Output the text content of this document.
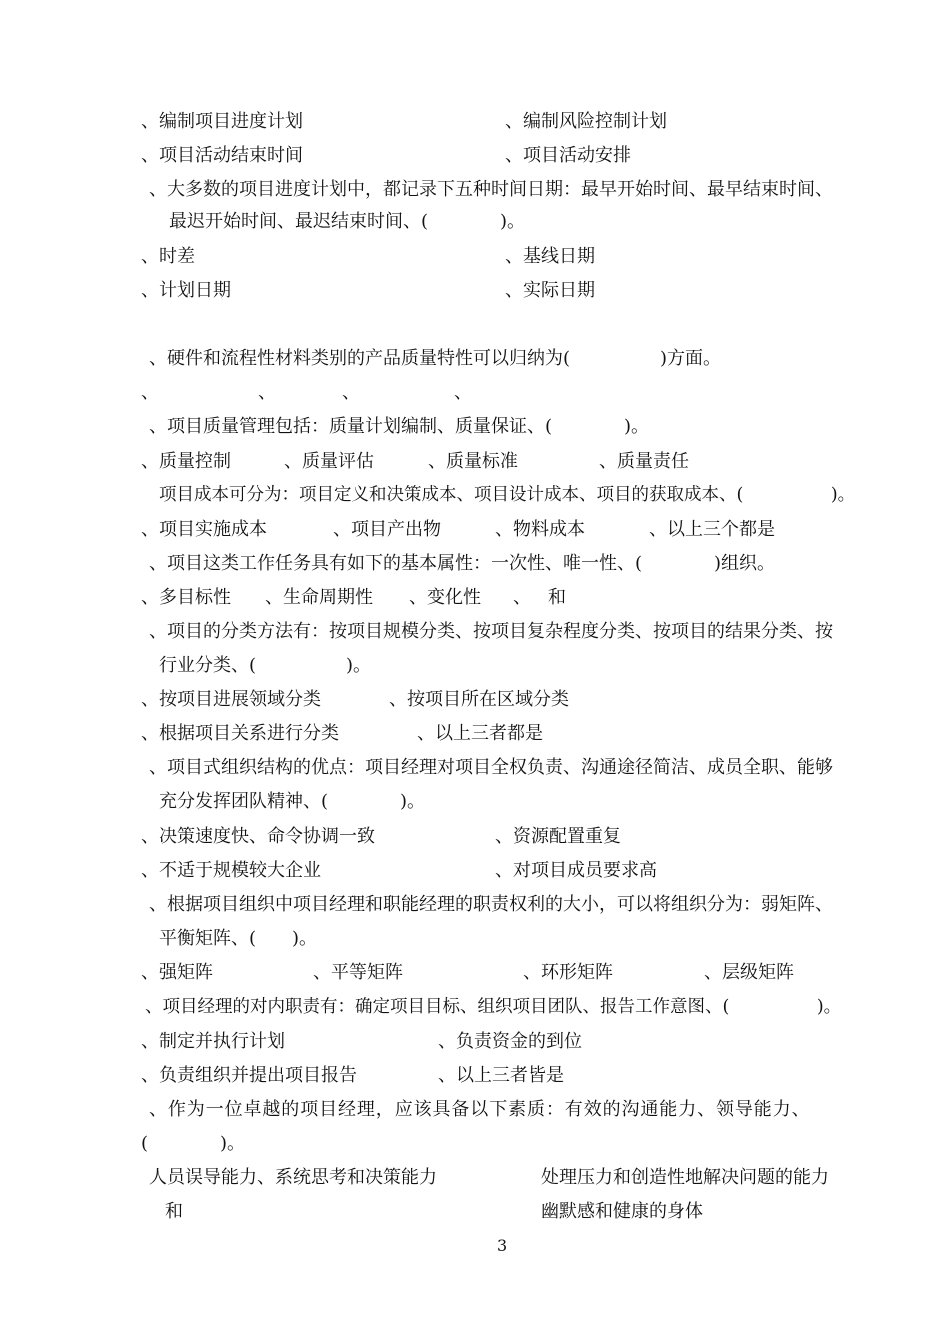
、编制项目进度计划	、编制风险控制计划
、项目活动结束时间	、项目活动安排
、大多数的项目进度计划中，都记录下五种时间日期：最早开始时间、最早结束时间、
最迟开始时间、最迟结束时间、(　　　　)。
、时差	、基线日期
、计划日期	、实际日期
、硬件和流程性材料类别的产品质量特性可以归纳为(　　　　　)方面。
、	、	、	、
、项目质量管理包括：质量计划编制、质量保证、(　　　　)。
、质量控制	、质量评估	、质量标准	、质量责任
项目成本可分为：项目定义和决策成本、项目设计成本、项目的获取成本、(　　　　　)。
、项目实施成本	、项目产出物	、物料成本	、以上三个都是
、项目这类工作任务具有如下的基本属性：一次性、唯一性、(　　　　)组织。
、多目标性 、生命周期性 、变化性 、 和
、项目的分类方法有：按项目规模分类、按项目复杂程度分类、按项目的结果分类、按
行业分类、(　　　　　)。
、按项目进展领域分类	、按项目所在区域分类
、根据项目关系进行分类	、以上三者都是
、项目式组织结构的优点：项目经理对项目全权负责、沟通途径简洁、成员全职、能够
充分发挥团队精神、(　　　　)。
、决策速度快、命令协调一致	、资源配置重复
、不适于规模较大企业	、对项目成员要求高
、根据项目组织中项目经理和职能经理的职责权利的大小，可以将组织分为：弱矩阵、
平衡矩阵、(　　)。
、强矩阵	、平等矩阵	、环形矩阵	、层级矩阵
、项目经理的对内职责有：确定项目目标、组织项目团队、报告工作意图、(　　　　　)。
、制定并执行计划	、负责资金的到位
、负责组织并提出项目报告	、以上三者皆是
、作为一位卓越的项目经理，应该具备以下素质：有效的沟通能力、领导能力、
(　　　　)。
人员误导能力、系统思考和决策能力	处理压力和创造性地解决问题的能力
和	幽默感和健康的身体
3
